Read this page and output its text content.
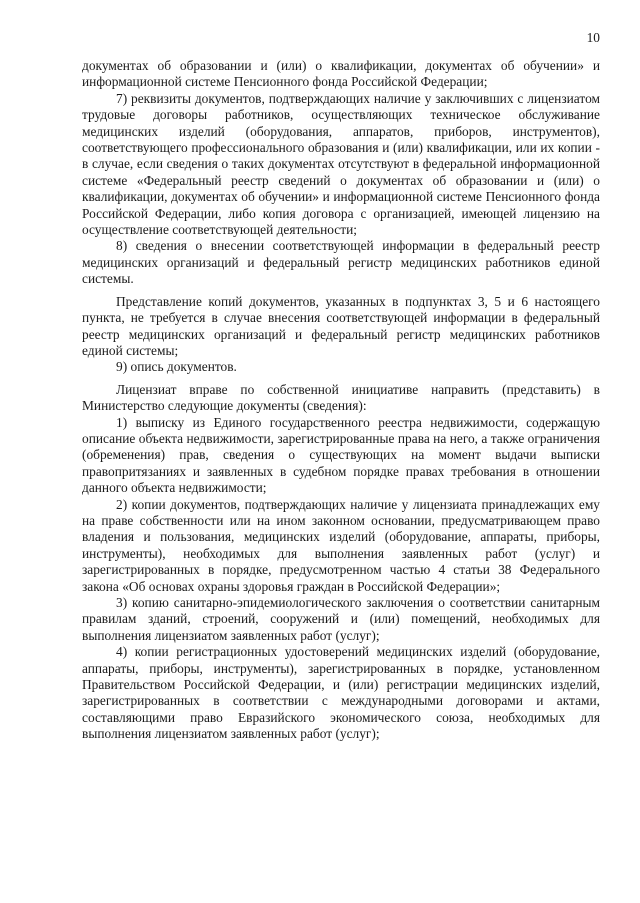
10

документах об образовании и (или) о квалификации, документах об обучении» и информационной системе Пенсионного фонда Российской Федерации;

7) реквизиты документов, подтверждающих наличие у заключивших с лицензиатом трудовые договоры работников, осуществляющих техническое обслуживание медицинских изделий (оборудования, аппаратов, приборов, инструментов), соответствующего профессионального образования и (или) квалификации, или их копии - в случае, если сведения о таких документах отсутствуют в федеральной информационной системе «Федеральный реестр сведений о документах об образовании и (или) о квалификации, документах об обучении» и информационной системе Пенсионного фонда Российской Федерации, либо копия договора с организацией, имеющей лицензию на осуществление соответствующей деятельности;

8) сведения о внесении соответствующей информации в федеральный реестр медицинских организаций и федеральный регистр медицинских работников единой системы.

Представление копий документов, указанных в подпунктах 3, 5 и 6 настоящего пункта, не требуется в случае внесения соответствующей информации в федеральный реестр медицинских организаций и федеральный регистр медицинских работников единой системы;

9) опись документов.

Лицензиат вправе по собственной инициативе направить (представить) в Министерство следующие документы (сведения):

1) выписку из Единого государственного реестра недвижимости, содержащую описание объекта недвижимости, зарегистрированные права на него, а также ограничения (обременения) прав, сведения о существующих на момент выдачи выписки правопритязаниях и заявленных в судебном порядке правах требования в отношении данного объекта недвижимости;

2) копии документов, подтверждающих наличие у лицензиата принадлежащих ему на праве собственности или на ином законном основании, предусматривающем право владения и пользования, медицинских изделий (оборудование, аппараты, приборы, инструменты), необходимых для выполнения заявленных работ (услуг) и зарегистрированных в порядке, предусмотренном частью 4 статьи 38 Федерального закона «Об основах охраны здоровья граждан в Российской Федерации»;

3) копию санитарно-эпидемиологического заключения о соответствии санитарным правилам зданий, строений, сооружений и (или) помещений, необходимых для выполнения лицензиатом заявленных работ (услуг);

4) копии регистрационных удостоверений медицинских изделий (оборудование, аппараты, приборы, инструменты), зарегистрированных в порядке, установленном Правительством Российской Федерации, и (или) регистрации медицинских изделий, зарегистрированных в соответствии с международными договорами и актами, составляющими право Евразийского экономического союза, необходимых для выполнения лицензиатом заявленных работ (услуг);
